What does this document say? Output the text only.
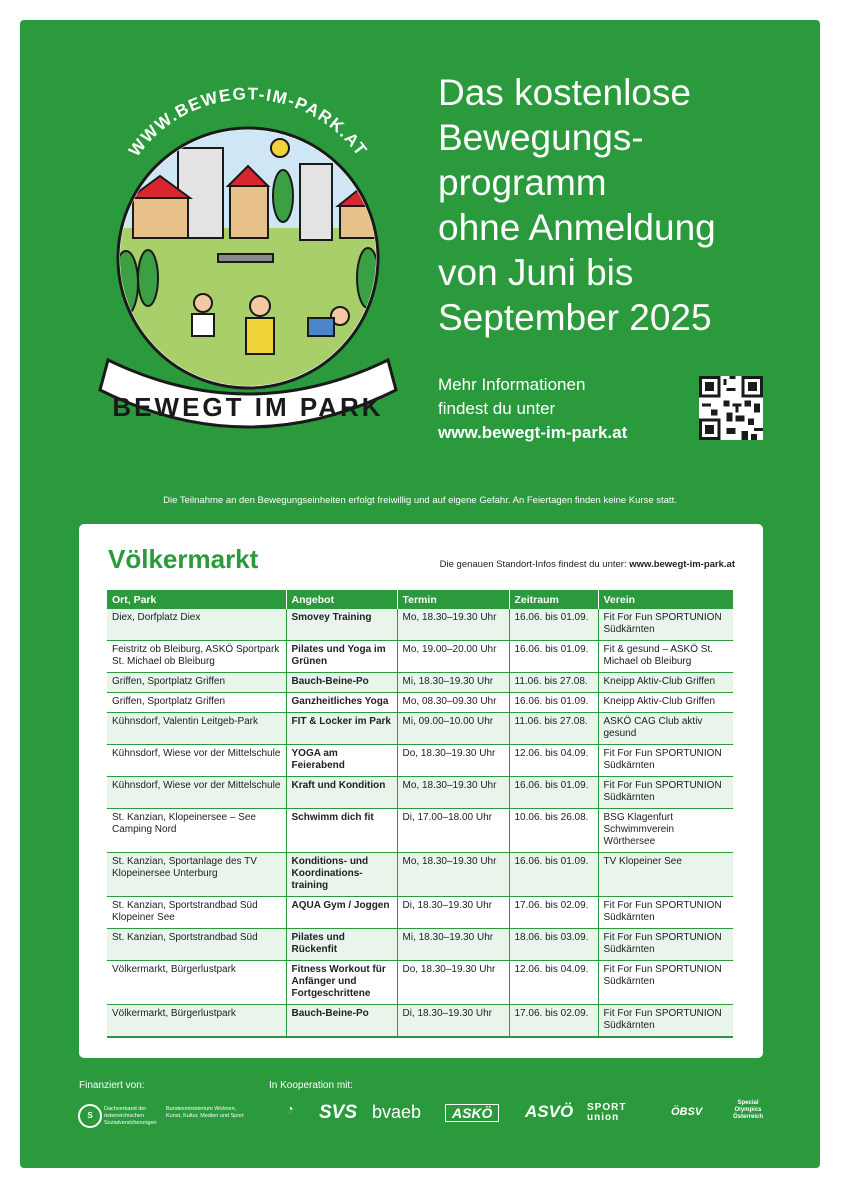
WWW.BEWEGT-IM-PARK.AT
BEWEGT IM PARK
Das kostenlose
Bewegungs-
programm
ohne Anmeldung
von Juni bis
September 2025
Mehr Informationen
findest du unter
www.bewegt-im-park.at
Die Teilnahme an den Bewegungseinheiten erfolgt freiwillig und auf eigene Gefahr. An Feiertagen finden keine Kurse statt.
Völkermarkt	Die genauen Standort-Infos findest du unter: www.bewegt-im-park.at
Ort, Park	Angebot	Termin	Zeitraum	Verein
Diex, Dorfplatz Diex	Smovey Training	Mo, 18.30–19.30 Uhr	16.06. bis 01.09.	Fit For Fun SPORTUNION Südkärnten
Feistritz ob Bleiburg, ASKÖ Sportpark St. Michael ob Bleiburg	Pilates und Yoga im Grünen	Mo, 19.00–20.00 Uhr	16.06. bis 01.09.	Fit & gesund – ASKÖ St. Michael ob Bleiburg
Griffen, Sportplatz Griffen	Bauch-Beine-Po	Mi, 18.30–19.30 Uhr	11.06. bis 27.08.	Kneipp Aktiv-Club Griffen
Griffen, Sportplatz Griffen	Ganzheitliches Yoga	Mo, 08.30–09.30 Uhr	16.06. bis 01.09.	Kneipp Aktiv-Club Griffen
Kühnsdorf, Valentin Leitgeb-Park	FIT & Locker im Park	Mi, 09.00–10.00 Uhr	11.06. bis 27.08.	ASKÖ CAG Club aktiv gesund
Kühnsdorf, Wiese vor der Mittelschule	YOGA am Feierabend	Do, 18.30–19.30 Uhr	12.06. bis 04.09.	Fit For Fun SPORTUNION Südkärnten
Kühnsdorf, Wiese vor der Mittelschule	Kraft und Kondition	Mo, 18.30–19.30 Uhr	16.06. bis 01.09.	Fit For Fun SPORTUNION Südkärnten
St. Kanzian, Klopeinersee – See Camping Nord	Schwimm dich fit	Di, 17.00–18.00 Uhr	10.06. bis 26.08.	BSG Klagenfurt Schwimmverein Wörthersee
St. Kanzian, Sportanlage des TV Klopeinersee Unterburg	Konditions- und Koordinations-training	Mo, 18.30–19.30 Uhr	16.06. bis 01.09.	TV Klopeiner See
St. Kanzian, Sportstrandbad Süd Klopeiner See	AQUA Gym / Joggen	Di, 18.30–19.30 Uhr	17.06. bis 02.09.	Fit For Fun SPORTUNION Südkärnten
St. Kanzian, Sportstrandbad Süd	Pilates und Rückenfit	Mi, 18.30–19.30 Uhr	18.06. bis 03.09.	Fit For Fun SPORTUNION Südkärnten
Völkermarkt, Bürgerlustpark	Fitness Workout für Anfänger und Fortgeschrittene	Do, 18.30–19.30 Uhr	12.06. bis 04.09.	Fit For Fun SPORTUNION Südkärnten
Völkermarkt, Bürgerlustpark	Bauch-Beine-Po	Di, 18.30–19.30 Uhr	17.06. bis 02.09.	Fit For Fun SPORTUNION Südkärnten
Finanziert von:	In Kooperation mit:
S
Dachverband der österreichischen Sozialversicherungen
Bundesministerium Wohnen, Kunst, Kultur, Medien und Sport	◔	SVS bvaeb	ASKÖ	ASVÖ SPORT union	ÖBSV
Special Olympics Österreich
